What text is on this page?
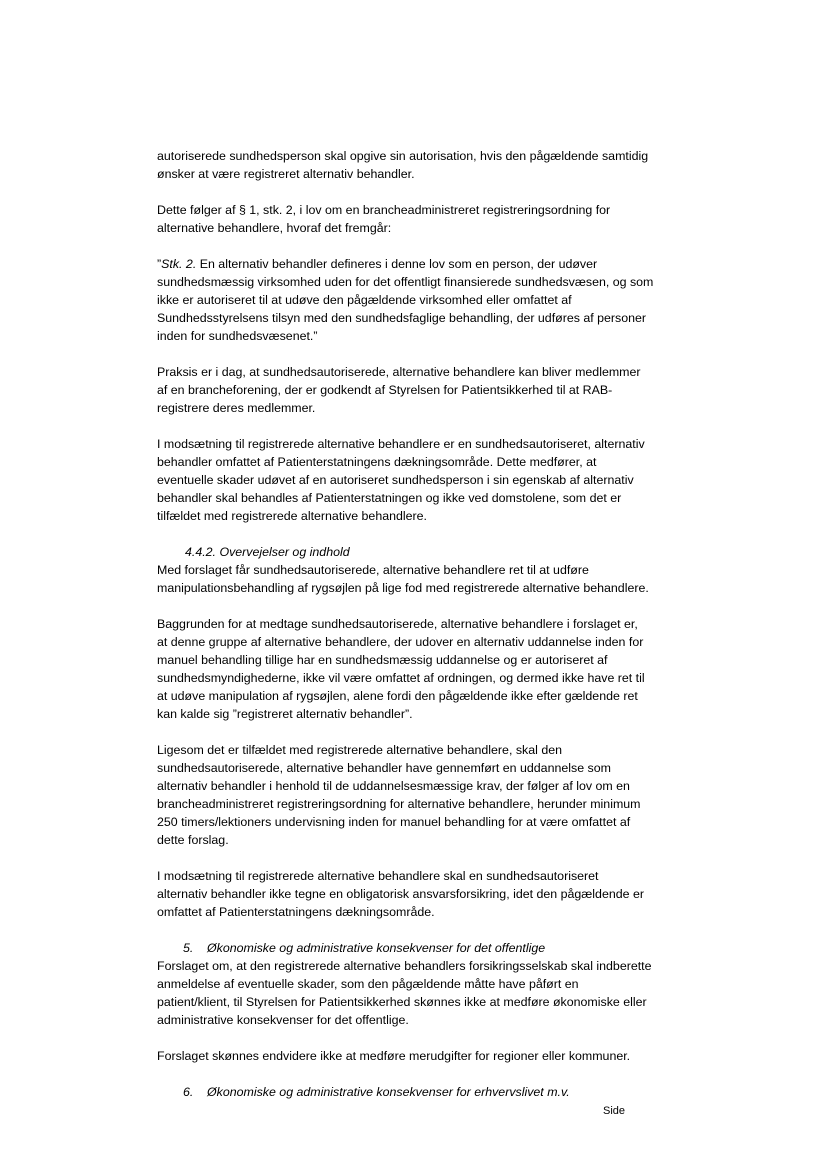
autoriserede sundhedsperson skal opgive sin autorisation, hvis den pågældende samtidig
ønsker at være registreret alternativ behandler.
Dette følger af § 1, stk. 2, i lov om en brancheadministreret registreringsordning for
alternative behandlere, hvoraf det fremgår:
”Stk. 2. En alternativ behandler defineres i denne lov som en person, der udøver
sundhedsmæssig virksomhed uden for det offentligt finansierede sundhedsvæsen, og som
ikke er autoriseret til at udøve den pågældende virksomhed eller omfattet af
Sundhedsstyrelsens tilsyn med den sundhedsfaglige behandling, der udføres af personer
inden for sundhedsvæsenet.”
Praksis er i dag, at sundhedsautoriserede, alternative behandlere kan bliver medlemmer
af en brancheforening, der er godkendt af Styrelsen for Patientsikkerhed til at RAB-
registrere deres medlemmer.
I modsætning til registrerede alternative behandlere er en sundhedsautoriseret, alternativ
behandler omfattet af Patienterstatningens dækningsområde. Dette medfører, at
eventuelle skader udøvet af en autoriseret sundhedsperson i sin egenskab af alternativ
behandler skal behandles af Patienterstatningen og ikke ved domstolene, som det er
tilfældet med registrerede alternative behandlere.
4.4.2. Overvejelser og indhold
Med forslaget får sundhedsautoriserede, alternative behandlere ret til at udføre
manipulationsbehandling af rygsøjlen på lige fod med registrerede alternative behandlere.
Baggrunden for at medtage sundhedsautoriserede, alternative behandlere i forslaget er,
at denne gruppe af alternative behandlere, der udover en alternativ uddannelse inden for
manuel behandling tillige har en sundhedsmæssig uddannelse og er autoriseret af
sundhedsmyndighederne, ikke vil være omfattet af ordningen, og dermed ikke have ret til
at udøve manipulation af rygsøjlen, alene fordi den pågældende ikke efter gældende ret
kan kalde sig ”registreret alternativ behandler”.
Ligesom det er tilfældet med registrerede alternative behandlere, skal den
sundhedsautoriserede, alternative behandler have gennemført en uddannelse som
alternativ behandler i henhold til de uddannelsesmæssige krav, der følger af lov om en
brancheadministreret registreringsordning for alternative behandlere, herunder minimum
250 timers/lektioners undervisning inden for manuel behandling for at være omfattet af
dette forslag.
I modsætning til registrerede alternative behandlere skal en sundhedsautoriseret
alternativ behandler ikke tegne en obligatorisk ansvarsforsikring, idet den pågældende er
omfattet af Patienterstatningens dækningsområde.
5.	Økonomiske og administrative konsekvenser for det offentlige
Forslaget om, at den registrerede alternative behandlers forsikringsselskab skal indberette
anmeldelse af eventuelle skader, som den pågældende måtte have påført en
patient/klient, til Styrelsen for Patientsikkerhed skønnes ikke at medføre økonomiske eller
administrative konsekvenser for det offentlige.
Forslaget skønnes endvidere ikke at medføre merudgifter for regioner eller kommuner.
6.	Økonomiske og administrative konsekvenser for erhvervslivet m.v.
Side
